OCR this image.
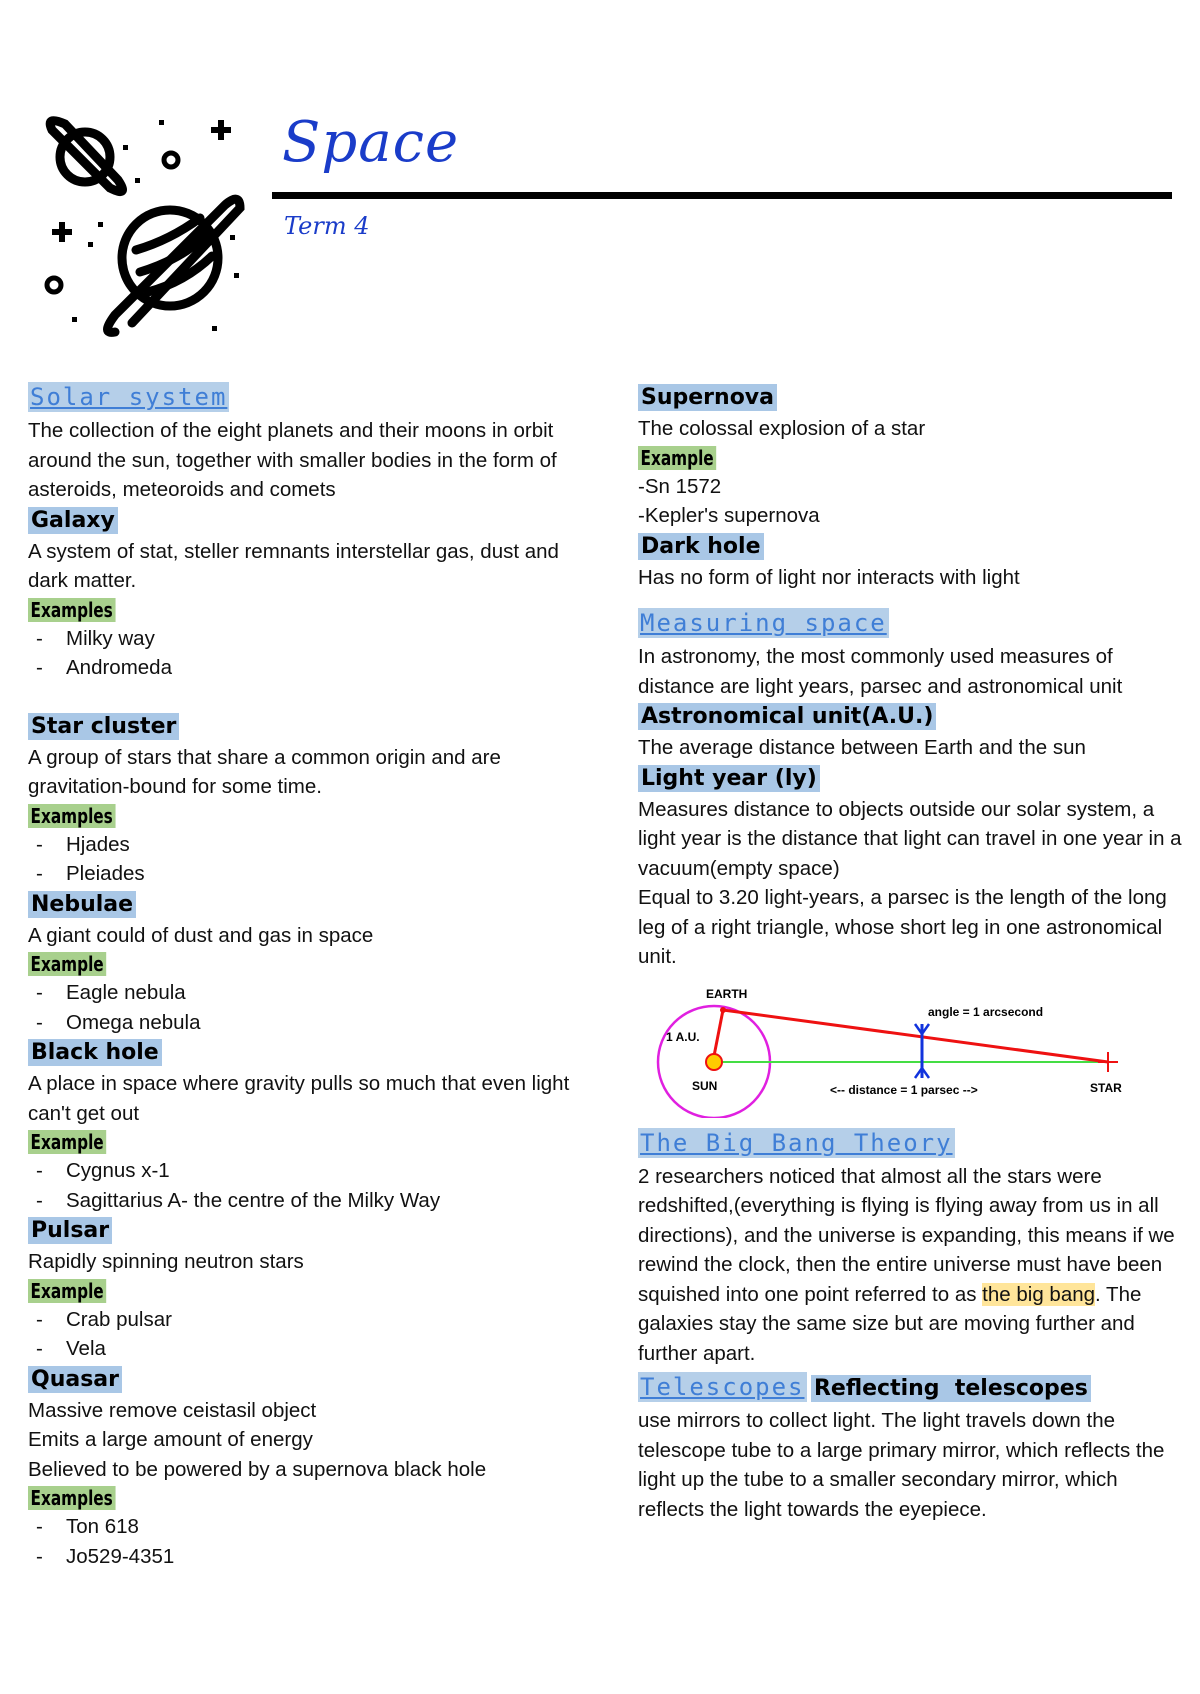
Space
Term 4
Solar system
The collection of the eight planets and their moons in orbit around the sun, together with smaller bodies in the form of asteroids, meteoroids and comets
Galaxy
A system of stat, steller remnants interstellar gas, dust and dark matter.
Examples
- Milky way
- Andromeda
Star cluster
A group of stars that share a common origin and are gravitation-bound for some time.
Examples
- Hjades
- Pleiades
Nebulae
A giant could of dust and gas in space
Example
- Eagle nebula
- Omega nebula
Black hole
A place in space where gravity pulls so much that even light can't get out
Example
- Cygnus x-1
- Sagittarius A- the centre of the Milky Way
Pulsar
Rapidly spinning neutron stars
Example
- Crab pulsar
- Vela
Quasar
Massive remove ceistasil object
Emits a large amount of energy
Believed to be powered by a supernova black hole
Examples
- Ton 618
- Jo529-4351
Supernova
The colossal explosion of a star
Example
-Sn 1572
-Kepler's supernova
Dark hole
Has no form of light nor interacts with light
Measuring space
In astronomy, the most commonly used measures of distance are light years, parsec and astronomical unit
Astronomical unit(A.U.)
The average distance between Earth and the sun
Light year (ly)
Measures distance to objects outside our solar system, a light year is the distance that light can travel in one year in a vacuum(empty space)
Equal to 3.20 light-years, a parsec is the length of the long leg of a right triangle, whose short leg in one astronomical unit.
EARTH
1 A.U.
SUN
angle = 1 arcsecond
<-- distance = 1 parsec -->	STAR
The Big Bang Theory
2 researchers noticed that almost all the stars were redshifted,(everything is flying is flying away from us in all directions), and the universe is expanding, this means if we rewind the clock, then the entire universe must have been squished into one point referred to as the big bang. The galaxies stay the same size but are moving further and further apart.
Telescopes Reflecting  telescopes
use mirrors to collect light. The light travels down the telescope tube to a large primary mirror, which reflects the light up the tube to a smaller secondary mirror, which reflects the light towards the eyepiece.
